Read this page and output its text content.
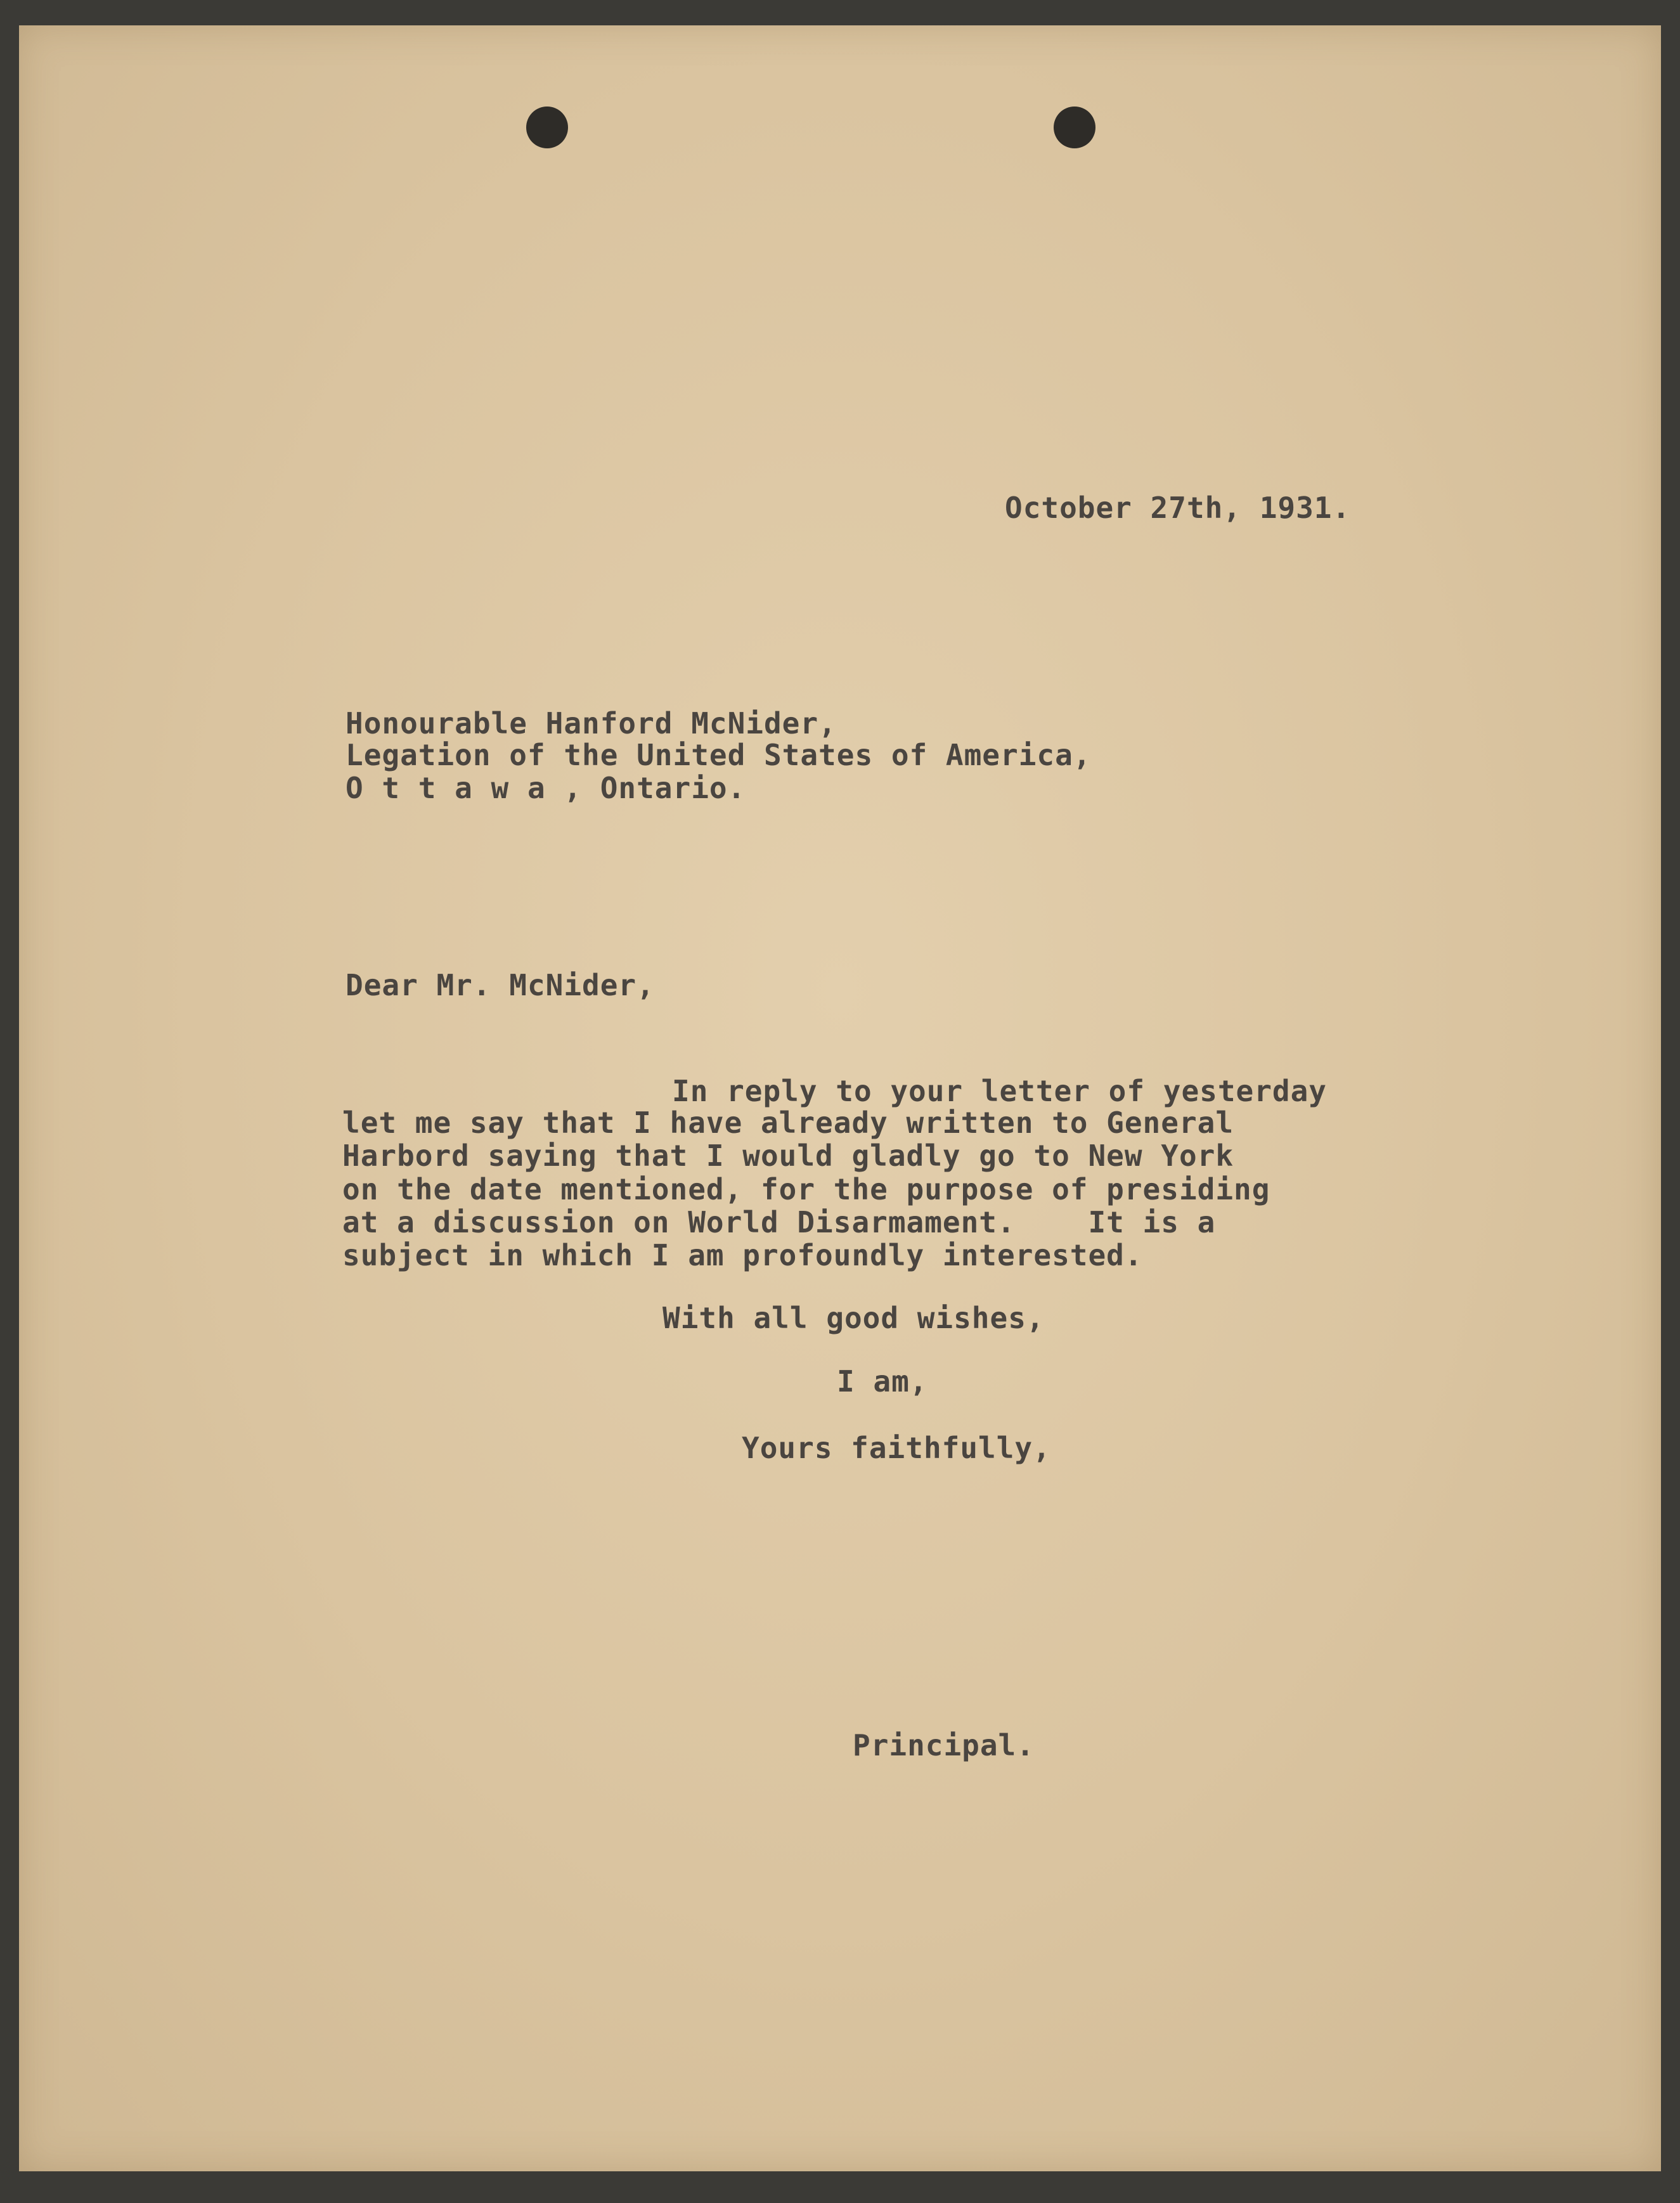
October 27th, 1931.
Honourable Hanford McNider,
Legation of the United States of America,
O t t a w a , Ontario.
Dear Mr. McNider,
In reply to your letter of yesterday
let me say that I have already written to General
Harbord saying that I would gladly go to New York
on the date mentioned, for the purpose of presiding
at a discussion on World Disarmament.    It is a
subject in which I am profoundly interested.
With all good wishes,
I am,
Yours faithfully,
Principal.
